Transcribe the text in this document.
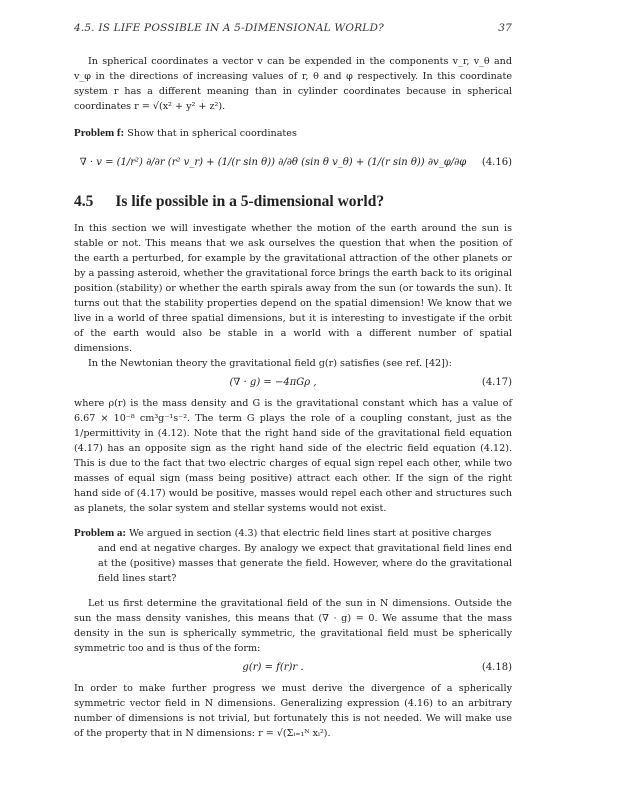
4.5. IS LIFE POSSIBLE IN A 5-DIMENSIONAL WORLD?	37

In spherical coordinates a vector v can be expended in the components v_r, v_θ and v_φ in the directions of increasing values of r, θ and φ respectively. In this coordinate system r has a different meaning than in cylinder coordinates because in spherical coordinates r = √(x² + y² + z²).

Problem f: Show that in spherical coordinates

∇ · v = (1/r²) ∂/∂r (r² v_r) + (1/(r sin θ)) ∂/∂θ (sin θ v_θ) + (1/(r sin θ)) ∂v_φ/∂φ	(4.16)
4.5 Is life possible in a 5-dimensional world?

In this section we will investigate whether the motion of the earth around the sun is stable or not. This means that we ask ourselves the question that when the position of the earth a perturbed, for example by the gravitational attraction of the other planets or by a passing asteroid, whether the gravitational force brings the earth back to its original position (stability) or whether the earth spirals away from the sun (or towards the sun). It turns out that the stability properties depend on the spatial dimension! We know that we live in a world of three spatial dimensions, but it is interesting to investigate if the orbit of the earth would also be stable in a world with a different number of spatial dimensions.

In the Newtonian theory the gravitational field g(r) satisfies (see ref. [42]):

(∇ · g) = −4πGρ ,	(4.17)

where ρ(r) is the mass density and G is the gravitational constant which has a value of 6.67 × 10⁻⁸ cm³g⁻¹s⁻². The term G plays the role of a coupling constant, just as the 1/permittivity in (4.12). Note that the right hand side of the gravitational field equation (4.17) has an opposite sign as the right hand side of the electric field equation (4.12). This is due to the fact that two electric charges of equal sign repel each other, while two masses of equal sign (mass being positive) attract each other. If the sign of the right hand side of (4.17) would be positive, masses would repel each other and structures such as planets, the solar system and stellar systems would not exist.

Problem a: We argued in section (4.3) that electric field lines start at positive charges

and end at negative charges. By analogy we expect that gravitational field lines end at the (positive) masses that generate the field. However, where do the gravitational field lines start?

Let us first determine the gravitational field of the sun in N dimensions. Outside the sun the mass density vanishes, this means that (∇ · g) = 0. We assume that the mass density in the sun is spherically symmetric, the gravitational field must be spherically symmetric too and is thus of the form:

g(r) = f(r)r .	(4.18)

In order to make further progress we must derive the divergence of a spherically symmetric vector field in N dimensions. Generalizing expression (4.16) to an arbitrary number of dimensions is not trivial, but fortunately this is not needed. We will make use of the property that in N dimensions: r = √(Σᵢ₌₁ᴺ xᵢ²).
